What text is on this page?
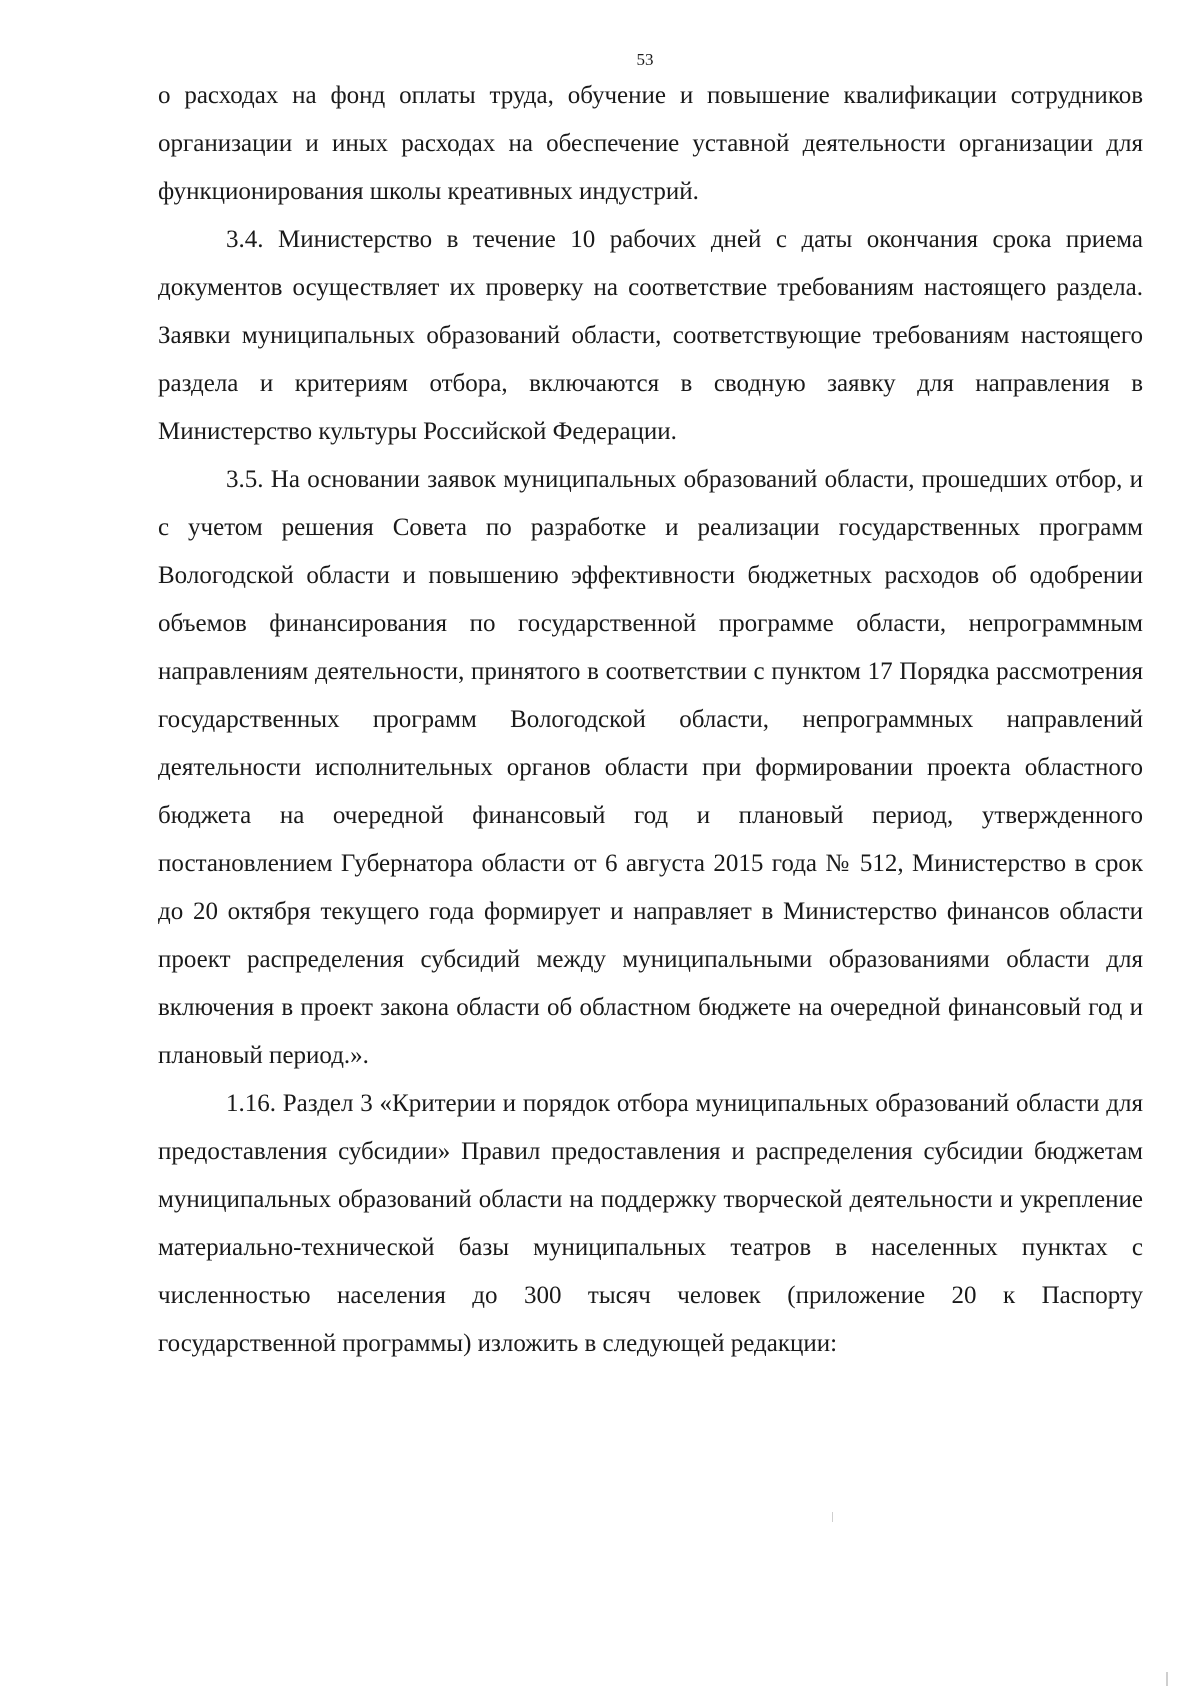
53

о расходах на фонд оплаты труда, обучение и повышение квалификации сотрудников организации и иных расходах на обеспечение уставной деятельности организации для функционирования школы креативных индустрий.

3.4. Министерство в течение 10 рабочих дней с даты окончания срока приема документов осуществляет их проверку на соответствие требованиям настоящего раздела. Заявки муниципальных образований области, соответствующие требованиям настоящего раздела и критериям отбора, включаются в сводную заявку для направления в Министерство культуры Российской Федерации.

3.5. На основании заявок муниципальных образований области, прошедших отбор, и с учетом решения Совета по разработке и реализации государственных программ Вологодской области и повышению эффективности бюджетных расходов об одобрении объемов финансирования по государственной программе области, непрограммным направлениям деятельности, принятого в соответствии с пунктом 17 Порядка рассмотрения государственных программ Вологодской области, непрограммных направлений деятельности исполнительных органов области при формировании проекта областного бюджета на очередной финансовый год и плановый период, утвержденного постановлением Губернатора области от 6 августа 2015 года № 512, Министерство в срок до 20 октября текущего года формирует и направляет в Министерство финансов области проект распределения субсидий между муниципальными образованиями области для включения в проект закона области об областном бюджете на очередной финансовый год и плановый период.».

1.16. Раздел 3 «Критерии и порядок отбора муниципальных образований области для предоставления субсидии» Правил предоставления и распределения субсидии бюджетам муниципальных образований области на поддержку творческой деятельности и укрепление материально-технической базы муниципальных театров в населенных пунктах с численностью населения до 300 тысяч человек (приложение 20 к Паспорту государственной программы) изложить в следующей редакции:
